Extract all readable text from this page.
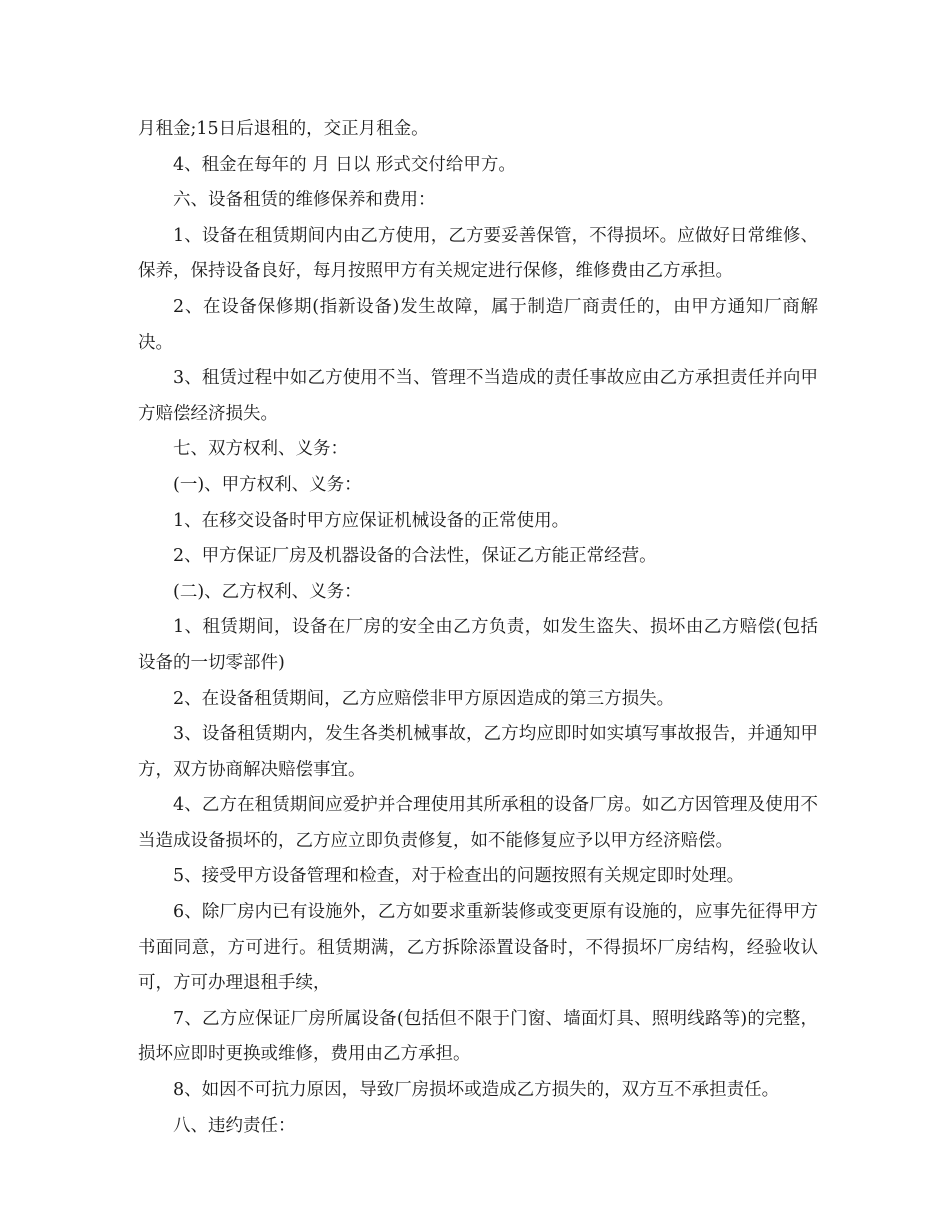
月租金;15日后退租的，交正月租金。

4、租金在每年的 月 日以 形式交付给甲方。

六、设备租赁的维修保养和费用：

1、设备在租赁期间内由乙方使用，乙方要妥善保管，不得损坏。应做好日常维修、保养，保持设备良好，每月按照甲方有关规定进行保修，维修费由乙方承担。

2、在设备保修期(指新设备)发生故障，属于制造厂商责任的，由甲方通知厂商解决。

3、租赁过程中如乙方使用不当、管理不当造成的责任事故应由乙方承担责任并向甲方赔偿经济损失。

七、双方权利、义务：

(一)、甲方权利、义务：

1、在移交设备时甲方应保证机械设备的正常使用。

2、甲方保证厂房及机器设备的合法性，保证乙方能正常经营。

(二)、乙方权利、义务：

1、租赁期间，设备在厂房的安全由乙方负责，如发生盗失、损坏由乙方赔偿(包括设备的一切零部件)

2、在设备租赁期间，乙方应赔偿非甲方原因造成的第三方损失。

3、设备租赁期内，发生各类机械事故，乙方均应即时如实填写事故报告，并通知甲方，双方协商解决赔偿事宜。

4、乙方在租赁期间应爱护并合理使用其所承租的设备厂房。如乙方因管理及使用不当造成设备损坏的，乙方应立即负责修复，如不能修复应予以甲方经济赔偿。

5、接受甲方设备管理和检查，对于检查出的问题按照有关规定即时处理。

6、除厂房内已有设施外，乙方如要求重新装修或变更原有设施的，应事先征得甲方书面同意，方可进行。租赁期满，乙方拆除添置设备时，不得损坏厂房结构，经验收认可，方可办理退租手续，

7、乙方应保证厂房所属设备(包括但不限于门窗、墙面灯具、照明线路等)的完整，损坏应即时更换或维修，费用由乙方承担。

8、如因不可抗力原因，导致厂房损坏或造成乙方损失的，双方互不承担责任。

八、违约责任：
